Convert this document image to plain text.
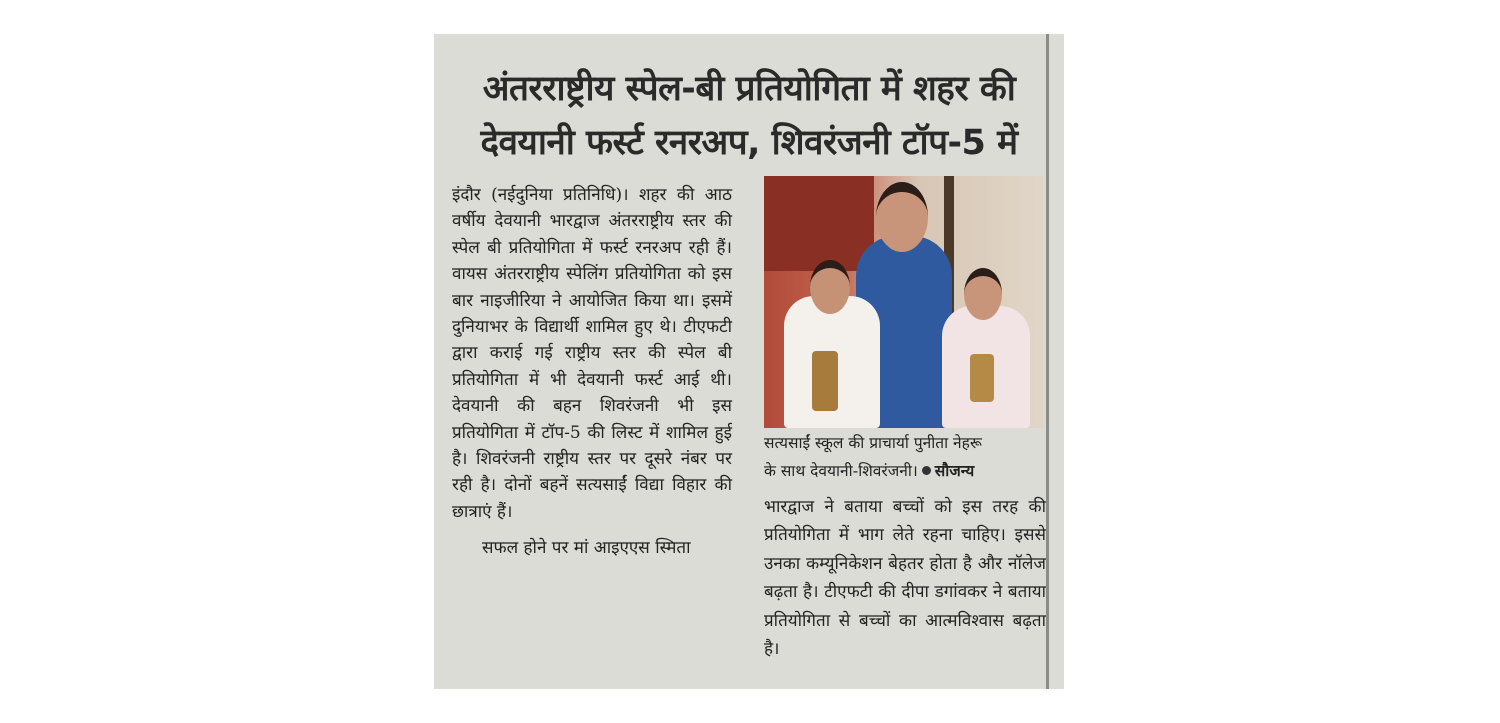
अंतरराष्ट्रीय स्पेल-बी प्रतियोगिता में शहर की
देवयानी फर्स्ट रनरअप, शिवरंजनी टॉप-5 में

इंदौर (नईदुनिया प्रतिनिधि)। शहर की आठ वर्षीय देवयानी भारद्वाज अंतरराष्ट्रीय स्तर की स्पेल बी प्रतियोगिता में फर्स्ट रनरअप रही हैं। वायस अंतरराष्ट्रीय स्पेलिंग प्रतियोगिता को इस बार नाइजीरिया ने आयोजित किया था। इसमें दुनियाभर के विद्यार्थी शामिल हुए थे। टीएफटी द्वारा कराई गई राष्ट्रीय स्तर की स्पेल बी प्रतियोगिता में भी देवयानी फर्स्ट आई थी। देवयानी की बहन शिवरंजनी भी इस प्रतियोगिता में टॉप-5 की लिस्ट में शामिल हुई है। शिवरंजनी राष्ट्रीय स्तर पर दूसरे नंबर पर रही है। दोनों बहनें सत्यसाईं विद्या विहार की छात्राएं हैं।

सफल होने पर मां आइएएस स्मिता

सत्यसाईं स्कूल की प्राचार्या पुनीता नेहरू
के साथ देवयानी-शिवरंजनी। सौजन्य

भारद्वाज ने बताया बच्चों को इस तरह की प्रतियोगिता में भाग लेते रहना चाहिए। इससे उनका कम्यूनिकेशन बेहतर होता है और नॉलेज बढ़ता है। टीएफटी की दीपा डगांवकर ने बताया प्रतियोगिता से बच्चों का आत्मविश्वास बढ़ता है।
